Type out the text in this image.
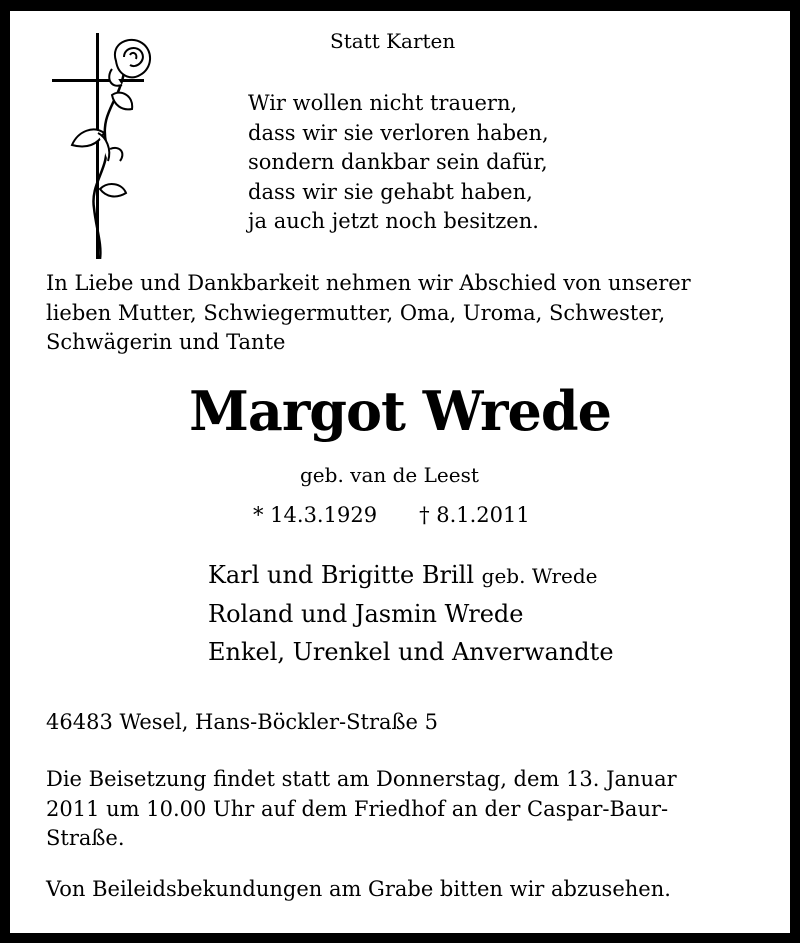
Statt Karten
Wir wollen nicht trauern,
dass wir sie verloren haben,
sondern dankbar sein dafür,
dass wir sie gehabt haben,
ja auch jetzt noch besitzen.
In Liebe und Dankbarkeit nehmen wir Abschied von unserer
lieben Mutter, Schwiegermutter, Oma, Uroma, Schwester,
Schwägerin und Tante
Margot Wrede
geb. van de Leest
* 14.3.1929 † 8.1.2011
Karl und Brigitte Brill geb. Wrede
Roland und Jasmin Wrede
Enkel, Urenkel und Anverwandte
46483 Wesel, Hans-Böckler-Straße 5
Die Beisetzung findet statt am Donnerstag, dem 13. Januar
2011 um 10.00 Uhr auf dem Friedhof an der Caspar-Baur-
Straße.
Von Beileidsbekundungen am Grabe bitten wir abzusehen.
